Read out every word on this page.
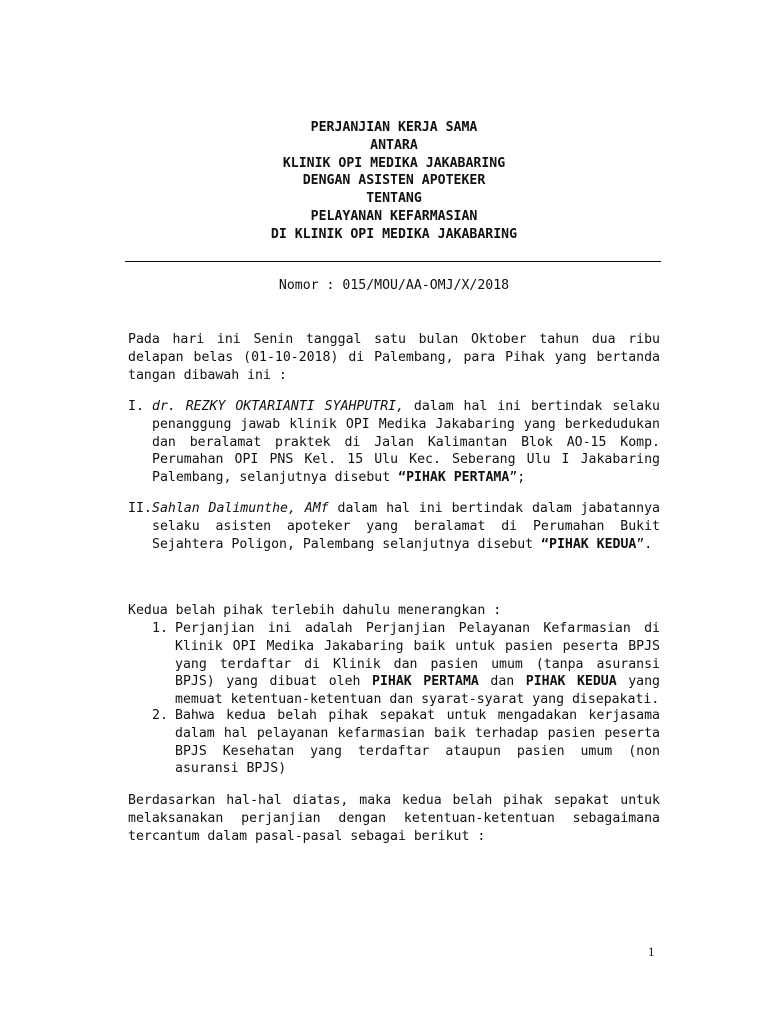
PERJANJIAN KERJA SAMA
ANTARA
KLINIK OPI MEDIKA JAKABARING
DENGAN ASISTEN APOTEKER
TENTANG
PELAYANAN KEFARMASIAN
DI KLINIK OPI MEDIKA JAKABARING
Nomor : 015/MOU/AA-OMJ/X/2018
Pada hari ini Senin tanggal satu bulan Oktober tahun dua ribu delapan belas (01-10-2018) di Palembang, para Pihak yang bertanda tangan dibawah ini :
I. dr. REZKY OKTARIANTI SYAHPUTRI, dalam hal ini bertindak selaku penanggung jawab klinik OPI Medika Jakabaring yang berkedudukan dan beralamat praktek di Jalan Kalimantan Blok AO-15 Komp. Perumahan OPI PNS Kel. 15 Ulu Kec. Seberang Ulu I Jakabaring Palembang, selanjutnya disebut “PIHAK PERTAMA”;
II. Sahlan Dalimunthe, AMf dalam hal ini bertindak dalam jabatannya selaku asisten apoteker yang beralamat di Perumahan Bukit Sejahtera Poligon, Palembang selanjutnya disebut “PIHAK KEDUA”.
Kedua belah pihak terlebih dahulu menerangkan :
1. Perjanjian ini adalah Perjanjian Pelayanan Kefarmasian di Klinik OPI Medika Jakabaring baik untuk pasien peserta BPJS yang terdaftar di Klinik dan pasien umum (tanpa asuransi BPJS) yang dibuat oleh PIHAK PERTAMA dan PIHAK KEDUA yang memuat ketentuan-ketentuan dan syarat-syarat yang disepakati.
2. Bahwa kedua belah pihak sepakat untuk mengadakan kerjasama dalam hal pelayanan kefarmasian baik terhadap pasien peserta BPJS Kesehatan yang terdaftar ataupun pasien umum (non asuransi BPJS)
Berdasarkan hal-hal diatas, maka kedua belah pihak sepakat untuk melaksanakan perjanjian dengan ketentuan-ketentuan sebagaimana tercantum dalam pasal-pasal sebagai berikut :
1
